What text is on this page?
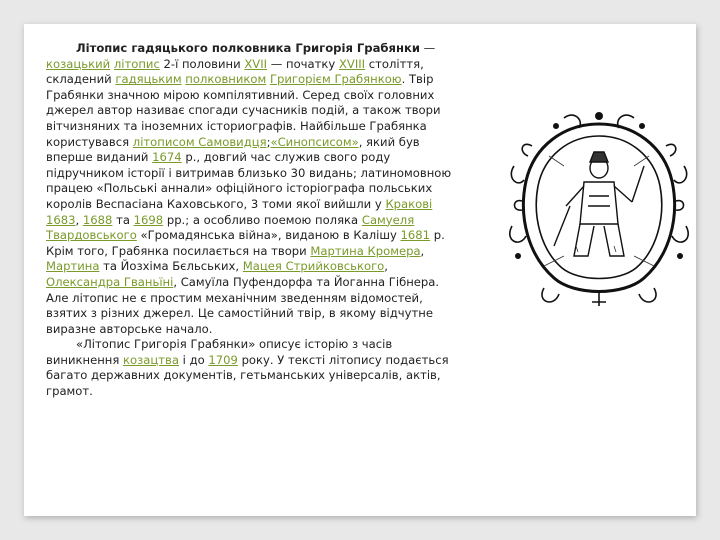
Літопис гадяцького полковника Григорія Грабянки — козацький літопис 2-ї половини XVII — початку XVIII століття, складений гадяцьким полковником Григорієм Грабянкою. Твір Грабянки значною мірою компілятивний. Серед своїх головних джерел автор називає спогади сучасників подій, а також твори вітчизняних та іноземних істориографів. Найбільше Грабянка користувався літописом Самовидця;«Синопсисом», який був вперше виданий 1674 р., довгий час служив свого роду підручником історії і витримав близько 30 видань; латиномовною працею «Польські аннали» офіційного історіографа польських королів Веспасіана Каховського, 3 томи якої вийшли у Кракові 1683, 1688 та 1698 рр.; а особливо поемою поляка Самуеля Твардовського «Громадянська війна», виданою в Калішу 1681 р. Крім того, Грабянка посилається на твори Мартина Кромера, Мартина та Йозхіма Бєльських, Мацея Стрийковського, Олександра Гваньїні, Самуїла Пуфендорфа та Йоганна Гібнера. Але літопис не є простим механічним зведенням відомостей, взятих з різних джерел. Це самостійний твір, в якому відчутне виразне авторське начало.

«Літопис Григорія Грабянки» описує історію з часів виникнення козацтва і до 1709 року. У тексті літопису подається багато державних документів, гетьманських універсалів, актів, грамот.
